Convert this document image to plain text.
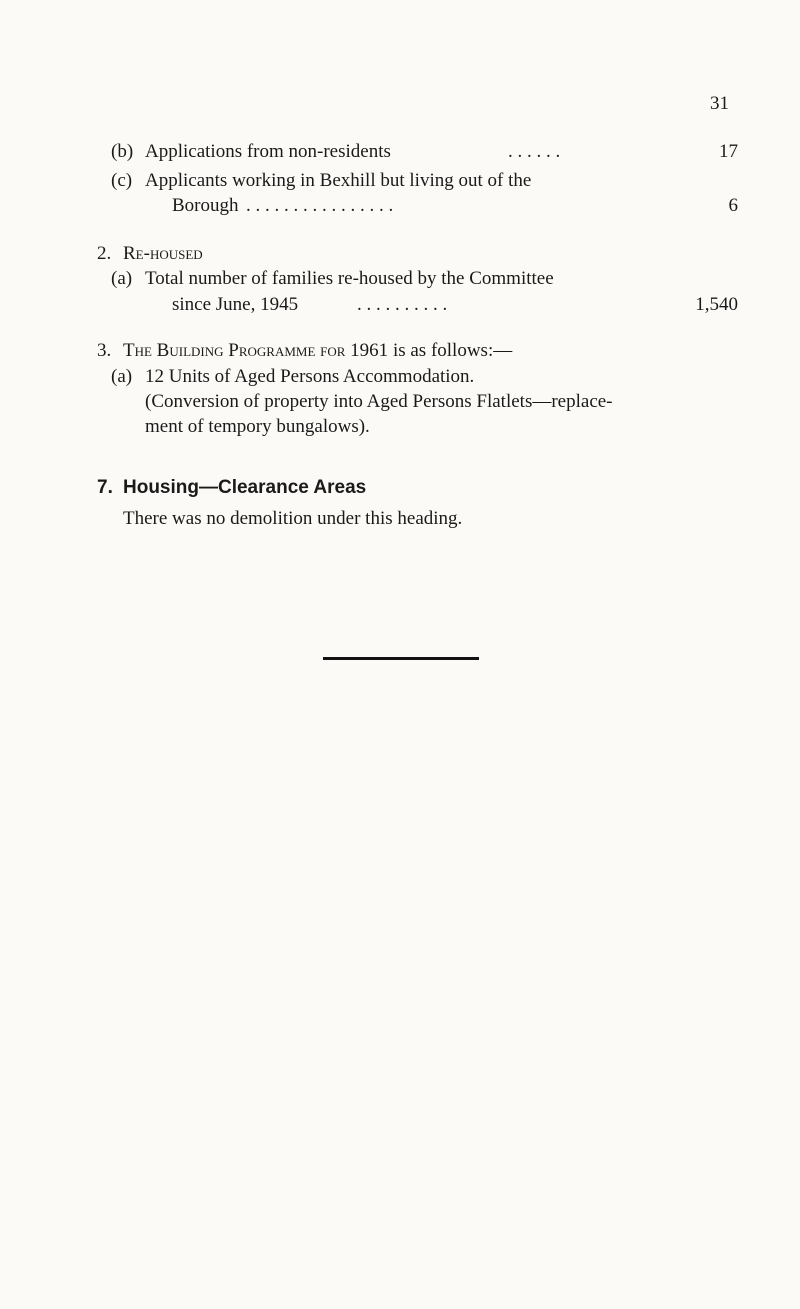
31
(b) Applications from non-residents	. . . . . .	17
(c) Applicants working in Bexhill but living out of the
Borough . . . . . . . . . . . . . . . .	6
2. Re-housed
(a) Total number of families re-housed by the Committee
since June, 1945	. . . . . . . . . .	1,540
3. The Building Programme for 1961 is as follows:—
(a) 12 Units of Aged Persons Accommodation.
(Conversion of property into Aged Persons Flatlets—replace-
ment of tempory bungalows).
7. Housing—Clearance Areas
There was no demolition under this heading.
